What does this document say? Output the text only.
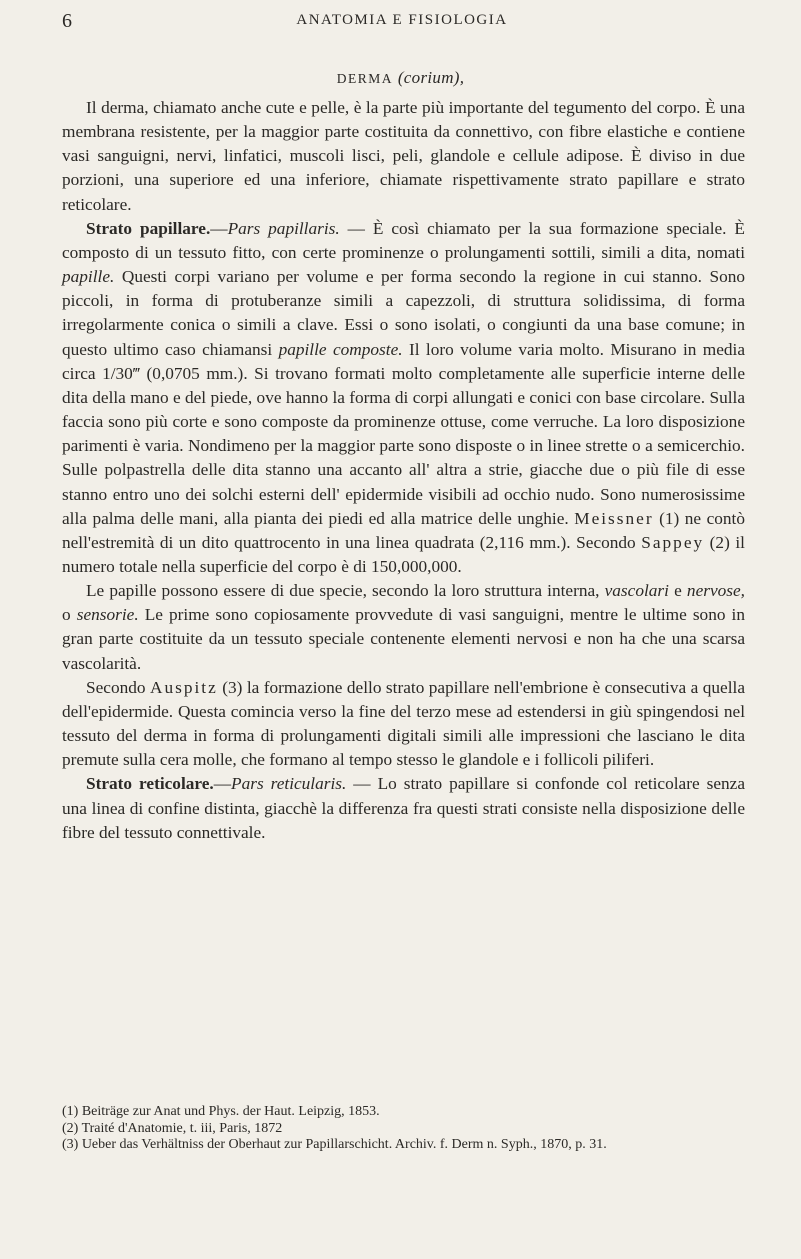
6	ANATOMIA E FISIOLOGIA
DERMA (corium),

Il derma, chiamato anche cute e pelle, è la parte più importante del tegumento del corpo. È una membrana resistente, per la maggior parte costituita da connettivo, con fibre elastiche e contiene vasi sanguigni, nervi, linfatici, muscoli lisci, peli, glandole e cellule adipose. È diviso in due porzioni, una superiore ed una inferiore, chiamate rispettivamente strato papillare e strato reticolare.

Strato papillare.—Pars papillaris. — È così chiamato per la sua formazione speciale. È composto di un tessuto fitto, con certe prominenze o prolungamenti sottili, simili a dita, nomati papille. Questi corpi variano per volume e per forma secondo la regione in cui stanno. Sono piccoli, in forma di protuberanze simili a capezzoli, di struttura solidissima, di forma irregolarmente conica o simili a clave. Essi o sono isolati, o congiunti da una base comune; in questo ultimo caso chiamansi papille composte. Il loro volume varia molto. Misurano in media circa 1/30‴ (0,0705 mm.). Si trovano formati molto completamente alle superficie interne delle dita della mano e del piede, ove hanno la forma di corpi allungati e conici con base circolare. Sulla faccia sono più corte e sono composte da prominenze ottuse, come verruche. La loro disposizione parimenti è varia. Nondimeno per la maggior parte sono disposte o in linee strette o a semicerchio. Sulle polpastrella delle dita stanno una accanto all' altra a strie, giacche due o più file di esse stanno entro uno dei solchi esterni dell' epidermide visibili ad occhio nudo. Sono numerosissime alla palma delle mani, alla pianta dei piedi ed alla matrice delle unghie. Meissner (1) ne contò nell'estremità di un dito quattrocento in una linea quadrata (2,116 mm.). Secondo Sappey (2) il numero totale nella superficie del corpo è di 150,000,000.

Le papille possono essere di due specie, secondo la loro struttura interna, vascolari e nervose, o sensorie. Le prime sono copiosamente provvedute di vasi sanguigni, mentre le ultime sono in gran parte costituite da un tessuto speciale contenente elementi nervosi e non ha che una scarsa vascolarità.

Secondo Auspitz (3) la formazione dello strato papillare nell'embrione è consecutiva a quella dell'epidermide. Questa comincia verso la fine del terzo mese ad estendersi in giù spingendosi nel tessuto del derma in forma di prolungamenti digitali simili alle impressioni che lasciano le dita premute sulla cera molle, che formano al tempo stesso le glandole e i follicoli piliferi.

Strato reticolare.—Pars reticularis. — Lo strato papillare si confonde col reticolare senza una linea di confine distinta, giacchè la differenza fra questi strati consiste nella disposizione delle fibre del tessuto connettivale.

(1) Beiträge zur Anat und Phys. der Haut. Leipzig, 1853.
(2) Traité d'Anatomie, t. iii, Paris, 1872
(3) Ueber das Verhältniss der Oberhaut zur Papillarschicht. Archiv. f. Derm n. Syph., 1870, p. 31.
